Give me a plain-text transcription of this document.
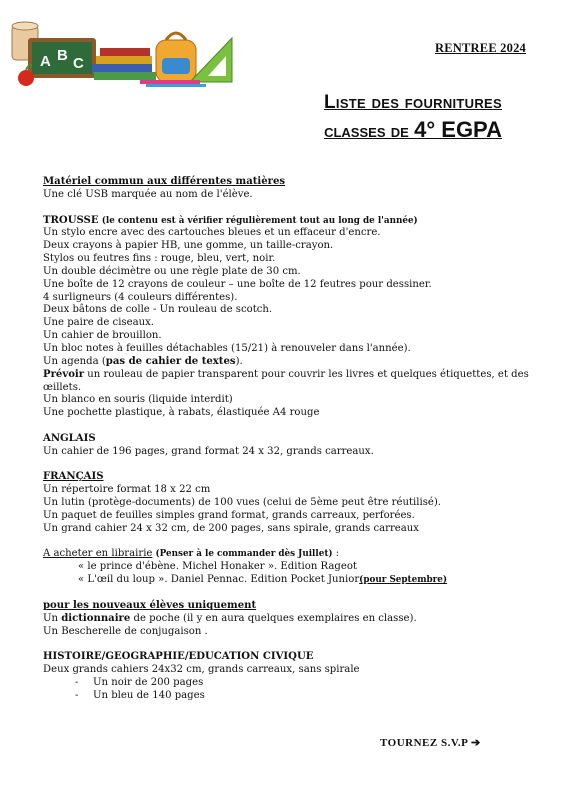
A B C
RENTREE 2024
Liste des fournitures
classes de 4° EGPA
Matériel commun aux différentes matières
Une clé USB marquée au nom de l'élève.
TROUSSE (le contenu est à vérifier régulièrement tout au long de l'année)
Un stylo encre avec des cartouches bleues et un effaceur d'encre.
Deux crayons à papier HB, une gomme, un taille-crayon.
Stylos ou feutres fins : rouge, bleu, vert, noir.
Un double décimètre ou une règle plate de 30 cm.
Une boîte de 12 crayons de couleur – une boîte de 12 feutres pour dessiner.
4 surligneurs (4 couleurs différentes).
Deux bâtons de colle - Un rouleau de scotch.
Une paire de ciseaux.
Un cahier de brouillon.
Un bloc notes à feuilles détachables (15/21) à renouveler dans l'année).
Un agenda (pas de cahier de textes).
Prévoir un rouleau de papier transparent pour couvrir les livres et quelques étiquettes, et des œillets.
Un blanco en souris (liquide interdit)
Une pochette plastique, à rabats, élastiquée A4 rouge
ANGLAIS
Un cahier de 196 pages, grand format 24 x 32, grands carreaux.
FRANÇAIS
Un répertoire format 18 x 22 cm
Un lutin (protège-documents) de 100 vues (celui de 5ème peut être réutilisé).
Un paquet de feuilles simples grand format, grands carreaux, perforées.
Un grand cahier 24 x 32 cm, de 200 pages, sans spirale, grands carreaux
A acheter en librairie (Penser à le commander dès Juillet) :
« le prince d'ébène. Michel Honaker ». Edition Rageot
« L'œil du loup ». Daniel Pennac. Edition Pocket Junior(pour Septembre)
pour les nouveaux élèves uniquement
Un dictionnaire de poche (il y en aura quelques exemplaires en classe).
Un Bescherelle de conjugaison .
HISTOIRE/GEOGRAPHIE/EDUCATION CIVIQUE
Deux grands cahiers 24x32 cm, grands carreaux, sans spirale
- Un noir de 200 pages
- Un bleu de 140 pages
TOURNEZ S.V.P ➔
